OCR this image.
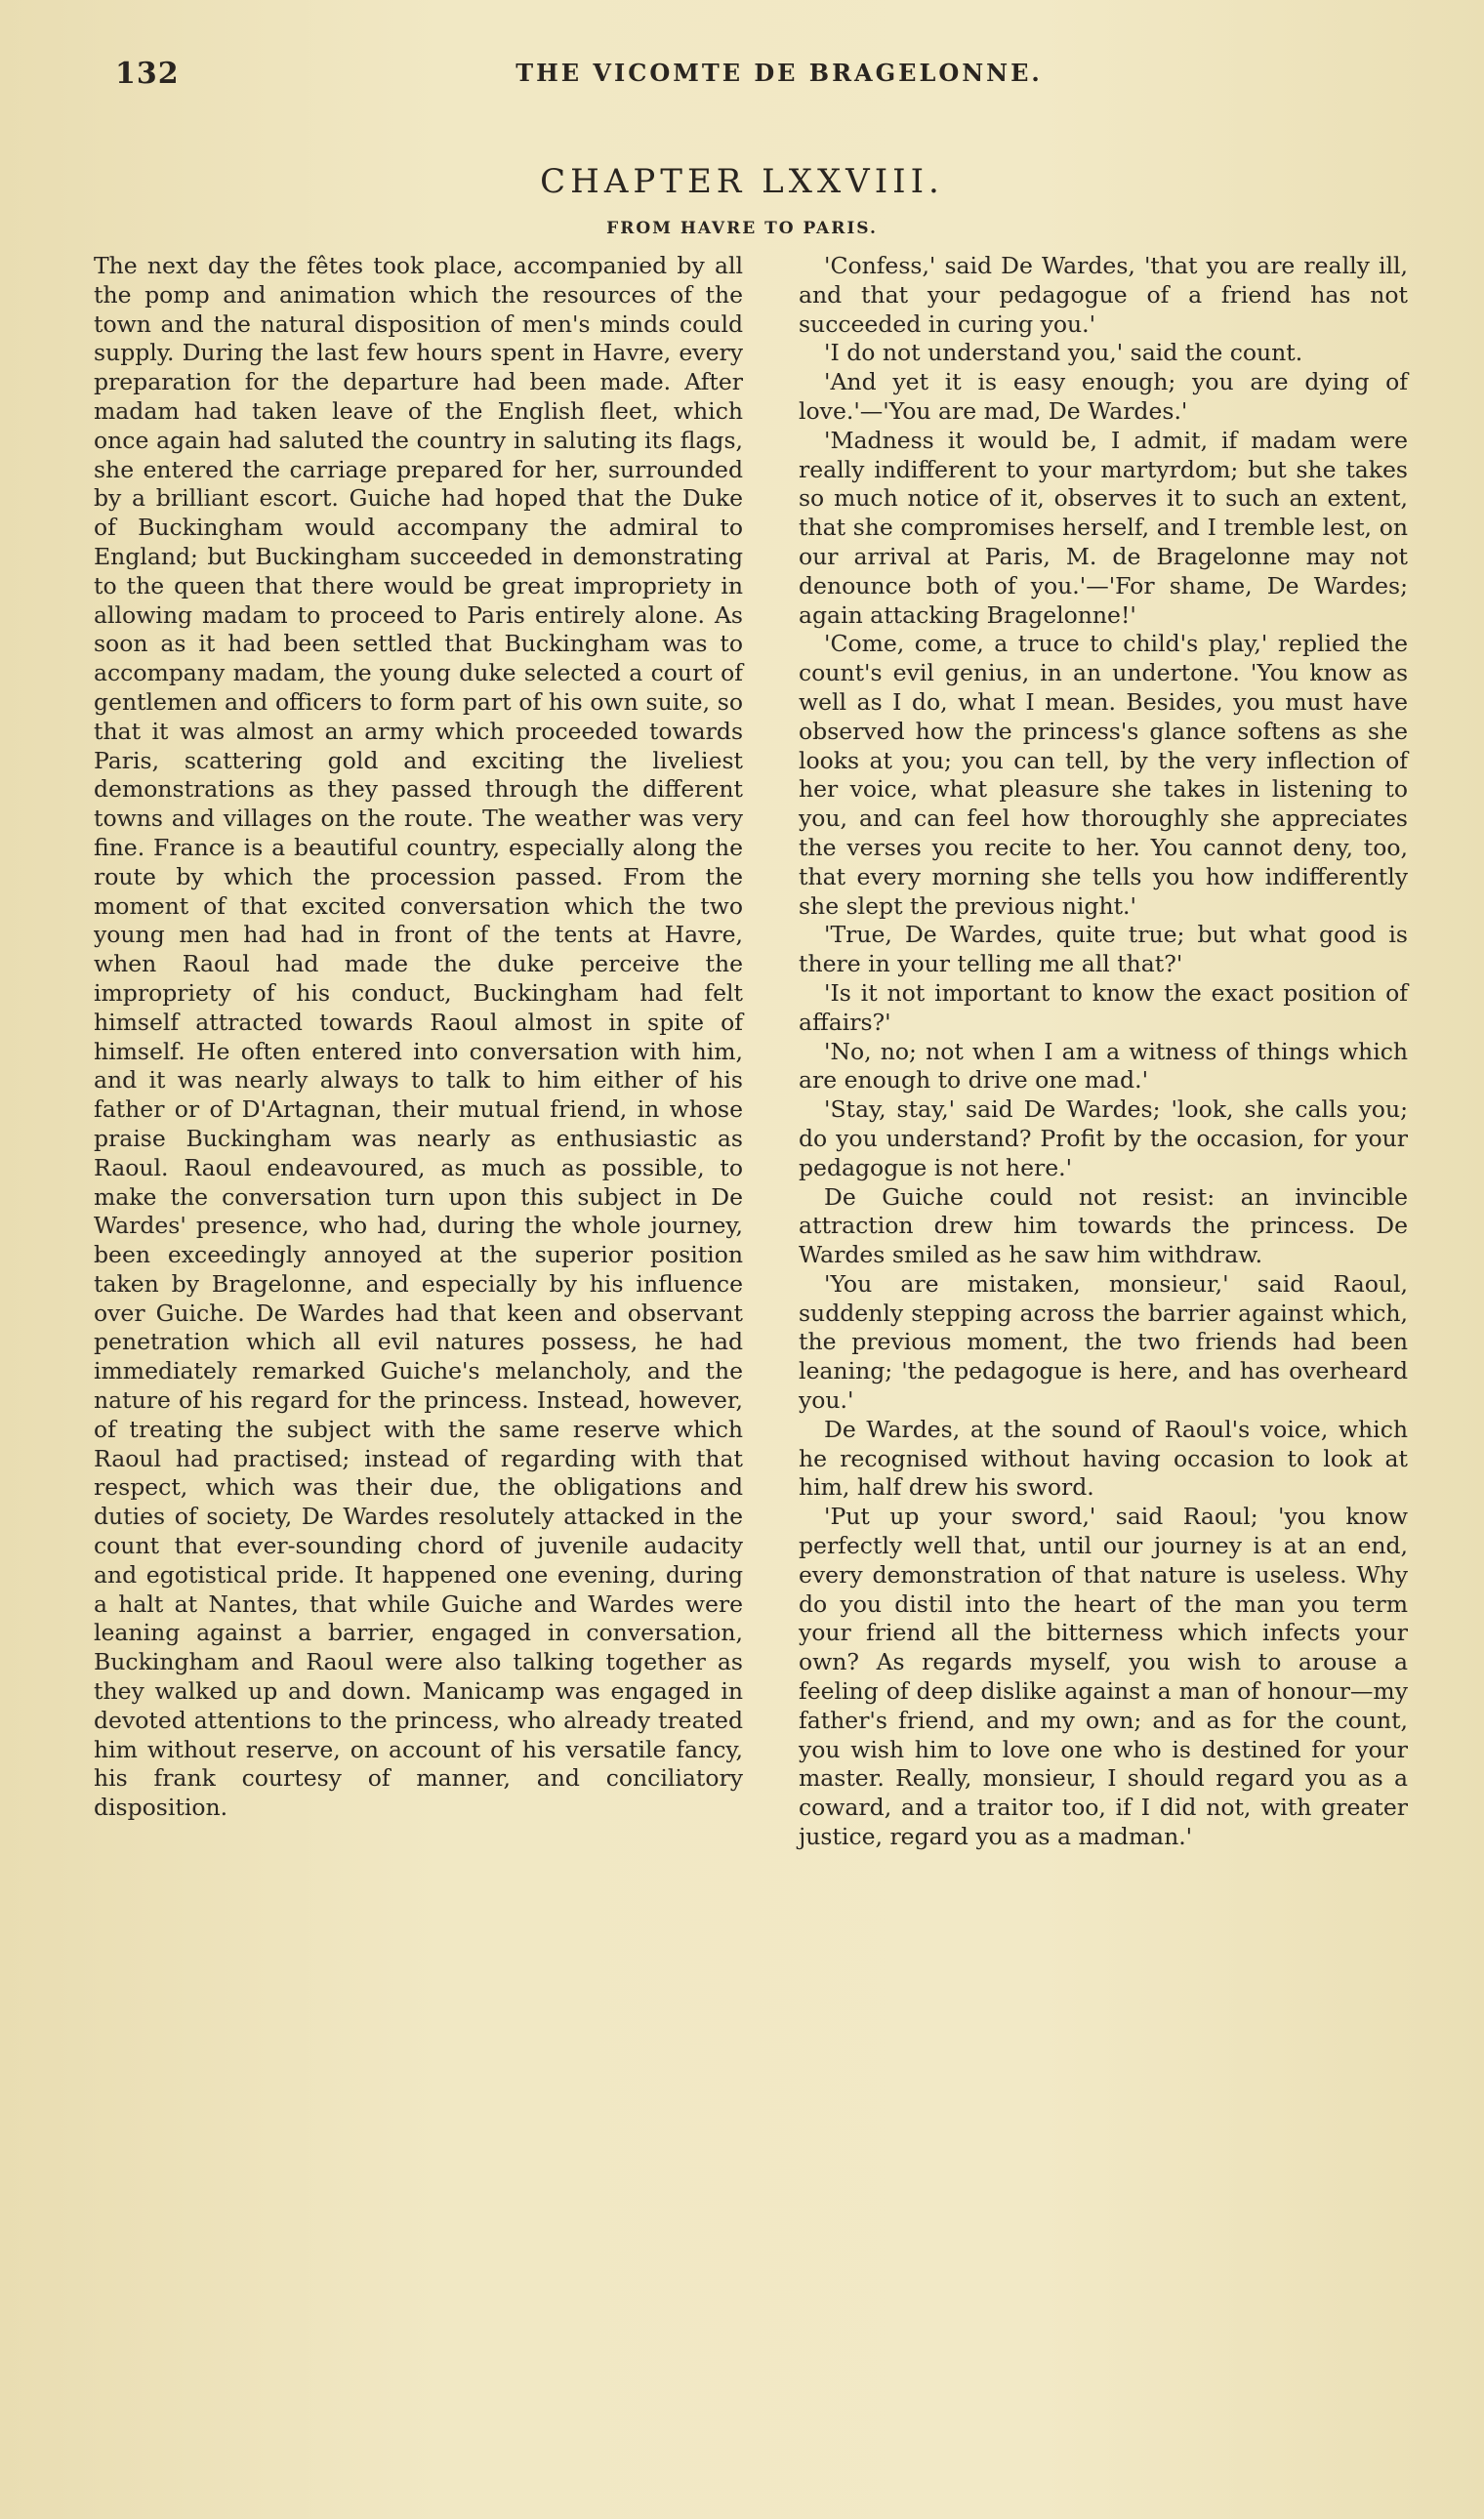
132	THE VICOMTE DE BRAGELONNE.
CHAPTER LXXVIII.
FROM HAVRE TO PARIS.

The next day the fêtes took place, accompanied by all the pomp and animation which the resources of the town and the natural disposition of men's minds could supply. During the last few hours spent in Havre, every preparation for the departure had been made. After madam had taken leave of the English fleet, which once again had saluted the country in saluting its flags, she entered the carriage prepared for her, surrounded by a brilliant escort. Guiche had hoped that the Duke of Buckingham would accompany the admiral to England; but Buckingham succeeded in demonstrating to the queen that there would be great impropriety in allowing madam to proceed to Paris entirely alone. As soon as it had been settled that Buckingham was to accompany madam, the young duke selected a court of gentlemen and officers to form part of his own suite, so that it was almost an army which proceeded towards Paris, scattering gold and exciting the liveliest demonstrations as they passed through the different towns and villages on the route. The weather was very fine. France is a beautiful country, especially along the route by which the procession passed. From the moment of that excited conversation which the two young men had had in front of the tents at Havre, when Raoul had made the duke perceive the impropriety of his conduct, Buckingham had felt himself attracted towards Raoul almost in spite of himself. He often entered into conversation with him, and it was nearly always to talk to him either of his father or of D'Artagnan, their mutual friend, in whose praise Buckingham was nearly as enthusiastic as Raoul. Raoul endeavoured, as much as possible, to make the conversation turn upon this subject in De Wardes' presence, who had, during the whole journey, been exceedingly annoyed at the superior position taken by Bragelonne, and especially by his influence over Guiche. De Wardes had that keen and observant penetration which all evil natures possess, he had immediately remarked Guiche's melancholy, and the nature of his regard for the princess. Instead, however, of treating the subject with the same reserve which Raoul had practised; instead of regarding with that respect, which was their due, the obligations and duties of society, De Wardes resolutely attacked in the count that ever-sounding chord of juvenile audacity and egotistical pride. It happened one evening, during a halt at Nantes, that while Guiche and Wardes were leaning against a barrier, engaged in conversation, Buckingham and Raoul were also talking together as they walked up and down. Manicamp was engaged in devoted attentions to the princess, who already treated him without reserve, on account of his versatile fancy, his frank courtesy of manner, and conciliatory disposition.

'Confess,' said De Wardes, 'that you are really ill, and that your pedagogue of a friend has not succeeded in curing you.'

'I do not understand you,' said the count.

'And yet it is easy enough; you are dying of love.'—'You are mad, De Wardes.'

'Madness it would be, I admit, if madam were really indifferent to your martyrdom; but she takes so much notice of it, observes it to such an extent, that she compromises herself, and I tremble lest, on our arrival at Paris, M. de Bragelonne may not denounce both of you.'—'For shame, De Wardes; again attacking Bragelonne!'

'Come, come, a truce to child's play,' replied the count's evil genius, in an undertone. 'You know as well as I do, what I mean. Besides, you must have observed how the princess's glance softens as she looks at you; you can tell, by the very inflection of her voice, what pleasure she takes in listening to you, and can feel how thoroughly she appreciates the verses you recite to her. You cannot deny, too, that every morning she tells you how indifferently she slept the previous night.'

'True, De Wardes, quite true; but what good is there in your telling me all that?'

'Is it not important to know the exact position of affairs?'

'No, no; not when I am a witness of things which are enough to drive one mad.'

'Stay, stay,' said De Wardes; 'look, she calls you; do you understand? Profit by the occasion, for your pedagogue is not here.'

De Guiche could not resist: an invincible attraction drew him towards the princess. De Wardes smiled as he saw him withdraw.

'You are mistaken, monsieur,' said Raoul, suddenly stepping across the barrier against which, the previous moment, the two friends had been leaning; 'the pedagogue is here, and has overheard you.'

De Wardes, at the sound of Raoul's voice, which he recognised without having occasion to look at him, half drew his sword.

'Put up your sword,' said Raoul; 'you know perfectly well that, until our journey is at an end, every demonstration of that nature is useless. Why do you distil into the heart of the man you term your friend all the bitterness which infects your own? As regards myself, you wish to arouse a feeling of deep dislike against a man of honour—my father's friend, and my own; and as for the count, you wish him to love one who is destined for your master. Really, monsieur, I should regard you as a coward, and a traitor too, if I did not, with greater justice, regard you as a madman.'
